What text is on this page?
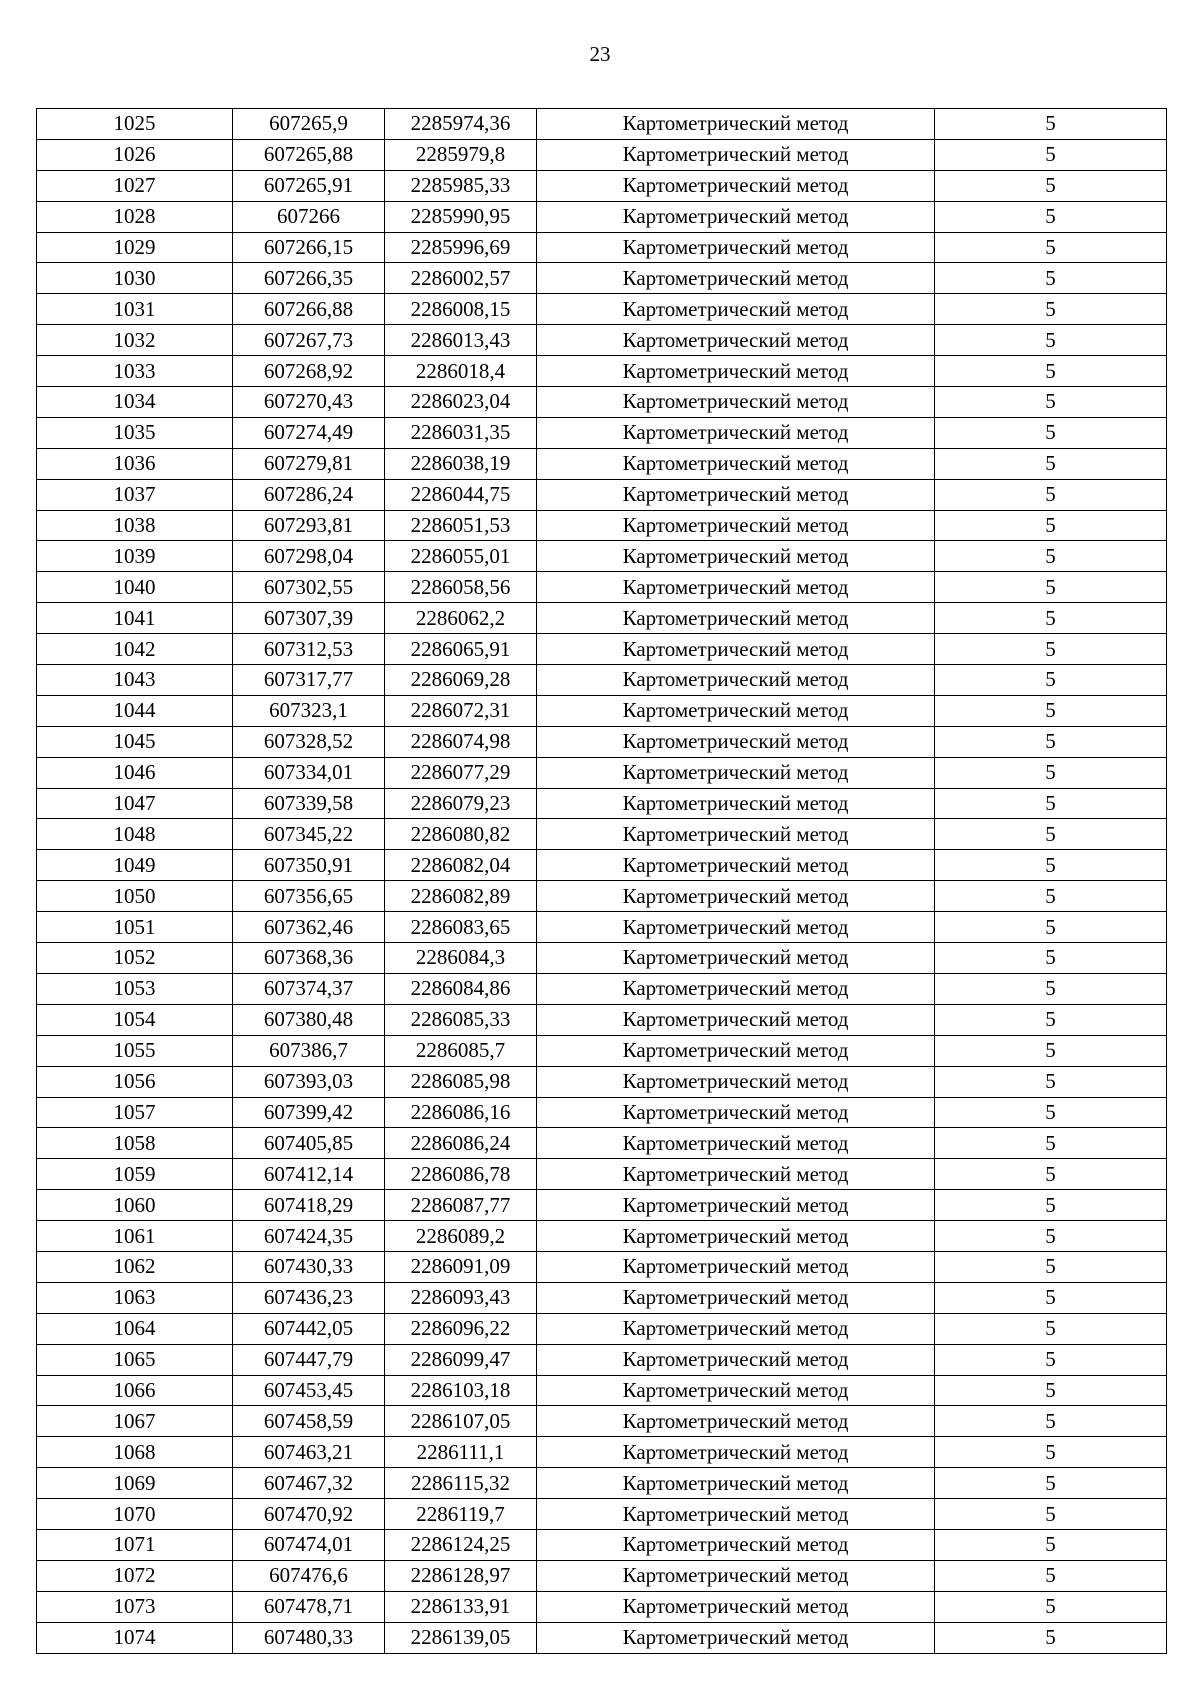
23
1025	607265,9	2285974,36	Картометрический метод	5
1026	607265,88	2285979,8	Картометрический метод	5
1027	607265,91	2285985,33	Картометрический метод	5
1028	607266	2285990,95	Картометрический метод	5
1029	607266,15	2285996,69	Картометрический метод	5
1030	607266,35	2286002,57	Картометрический метод	5
1031	607266,88	2286008,15	Картометрический метод	5
1032	607267,73	2286013,43	Картометрический метод	5
1033	607268,92	2286018,4	Картометрический метод	5
1034	607270,43	2286023,04	Картометрический метод	5
1035	607274,49	2286031,35	Картометрический метод	5
1036	607279,81	2286038,19	Картометрический метод	5
1037	607286,24	2286044,75	Картометрический метод	5
1038	607293,81	2286051,53	Картометрический метод	5
1039	607298,04	2286055,01	Картометрический метод	5
1040	607302,55	2286058,56	Картометрический метод	5
1041	607307,39	2286062,2	Картометрический метод	5
1042	607312,53	2286065,91	Картометрический метод	5
1043	607317,77	2286069,28	Картометрический метод	5
1044	607323,1	2286072,31	Картометрический метод	5
1045	607328,52	2286074,98	Картометрический метод	5
1046	607334,01	2286077,29	Картометрический метод	5
1047	607339,58	2286079,23	Картометрический метод	5
1048	607345,22	2286080,82	Картометрический метод	5
1049	607350,91	2286082,04	Картометрический метод	5
1050	607356,65	2286082,89	Картометрический метод	5
1051	607362,46	2286083,65	Картометрический метод	5
1052	607368,36	2286084,3	Картометрический метод	5
1053	607374,37	2286084,86	Картометрический метод	5
1054	607380,48	2286085,33	Картометрический метод	5
1055	607386,7	2286085,7	Картометрический метод	5
1056	607393,03	2286085,98	Картометрический метод	5
1057	607399,42	2286086,16	Картометрический метод	5
1058	607405,85	2286086,24	Картометрический метод	5
1059	607412,14	2286086,78	Картометрический метод	5
1060	607418,29	2286087,77	Картометрический метод	5
1061	607424,35	2286089,2	Картометрический метод	5
1062	607430,33	2286091,09	Картометрический метод	5
1063	607436,23	2286093,43	Картометрический метод	5
1064	607442,05	2286096,22	Картометрический метод	5
1065	607447,79	2286099,47	Картометрический метод	5
1066	607453,45	2286103,18	Картометрический метод	5
1067	607458,59	2286107,05	Картометрический метод	5
1068	607463,21	2286111,1	Картометрический метод	5
1069	607467,32	2286115,32	Картометрический метод	5
1070	607470,92	2286119,7	Картометрический метод	5
1071	607474,01	2286124,25	Картометрический метод	5
1072	607476,6	2286128,97	Картометрический метод	5
1073	607478,71	2286133,91	Картометрический метод	5
1074	607480,33	2286139,05	Картометрический метод	5
